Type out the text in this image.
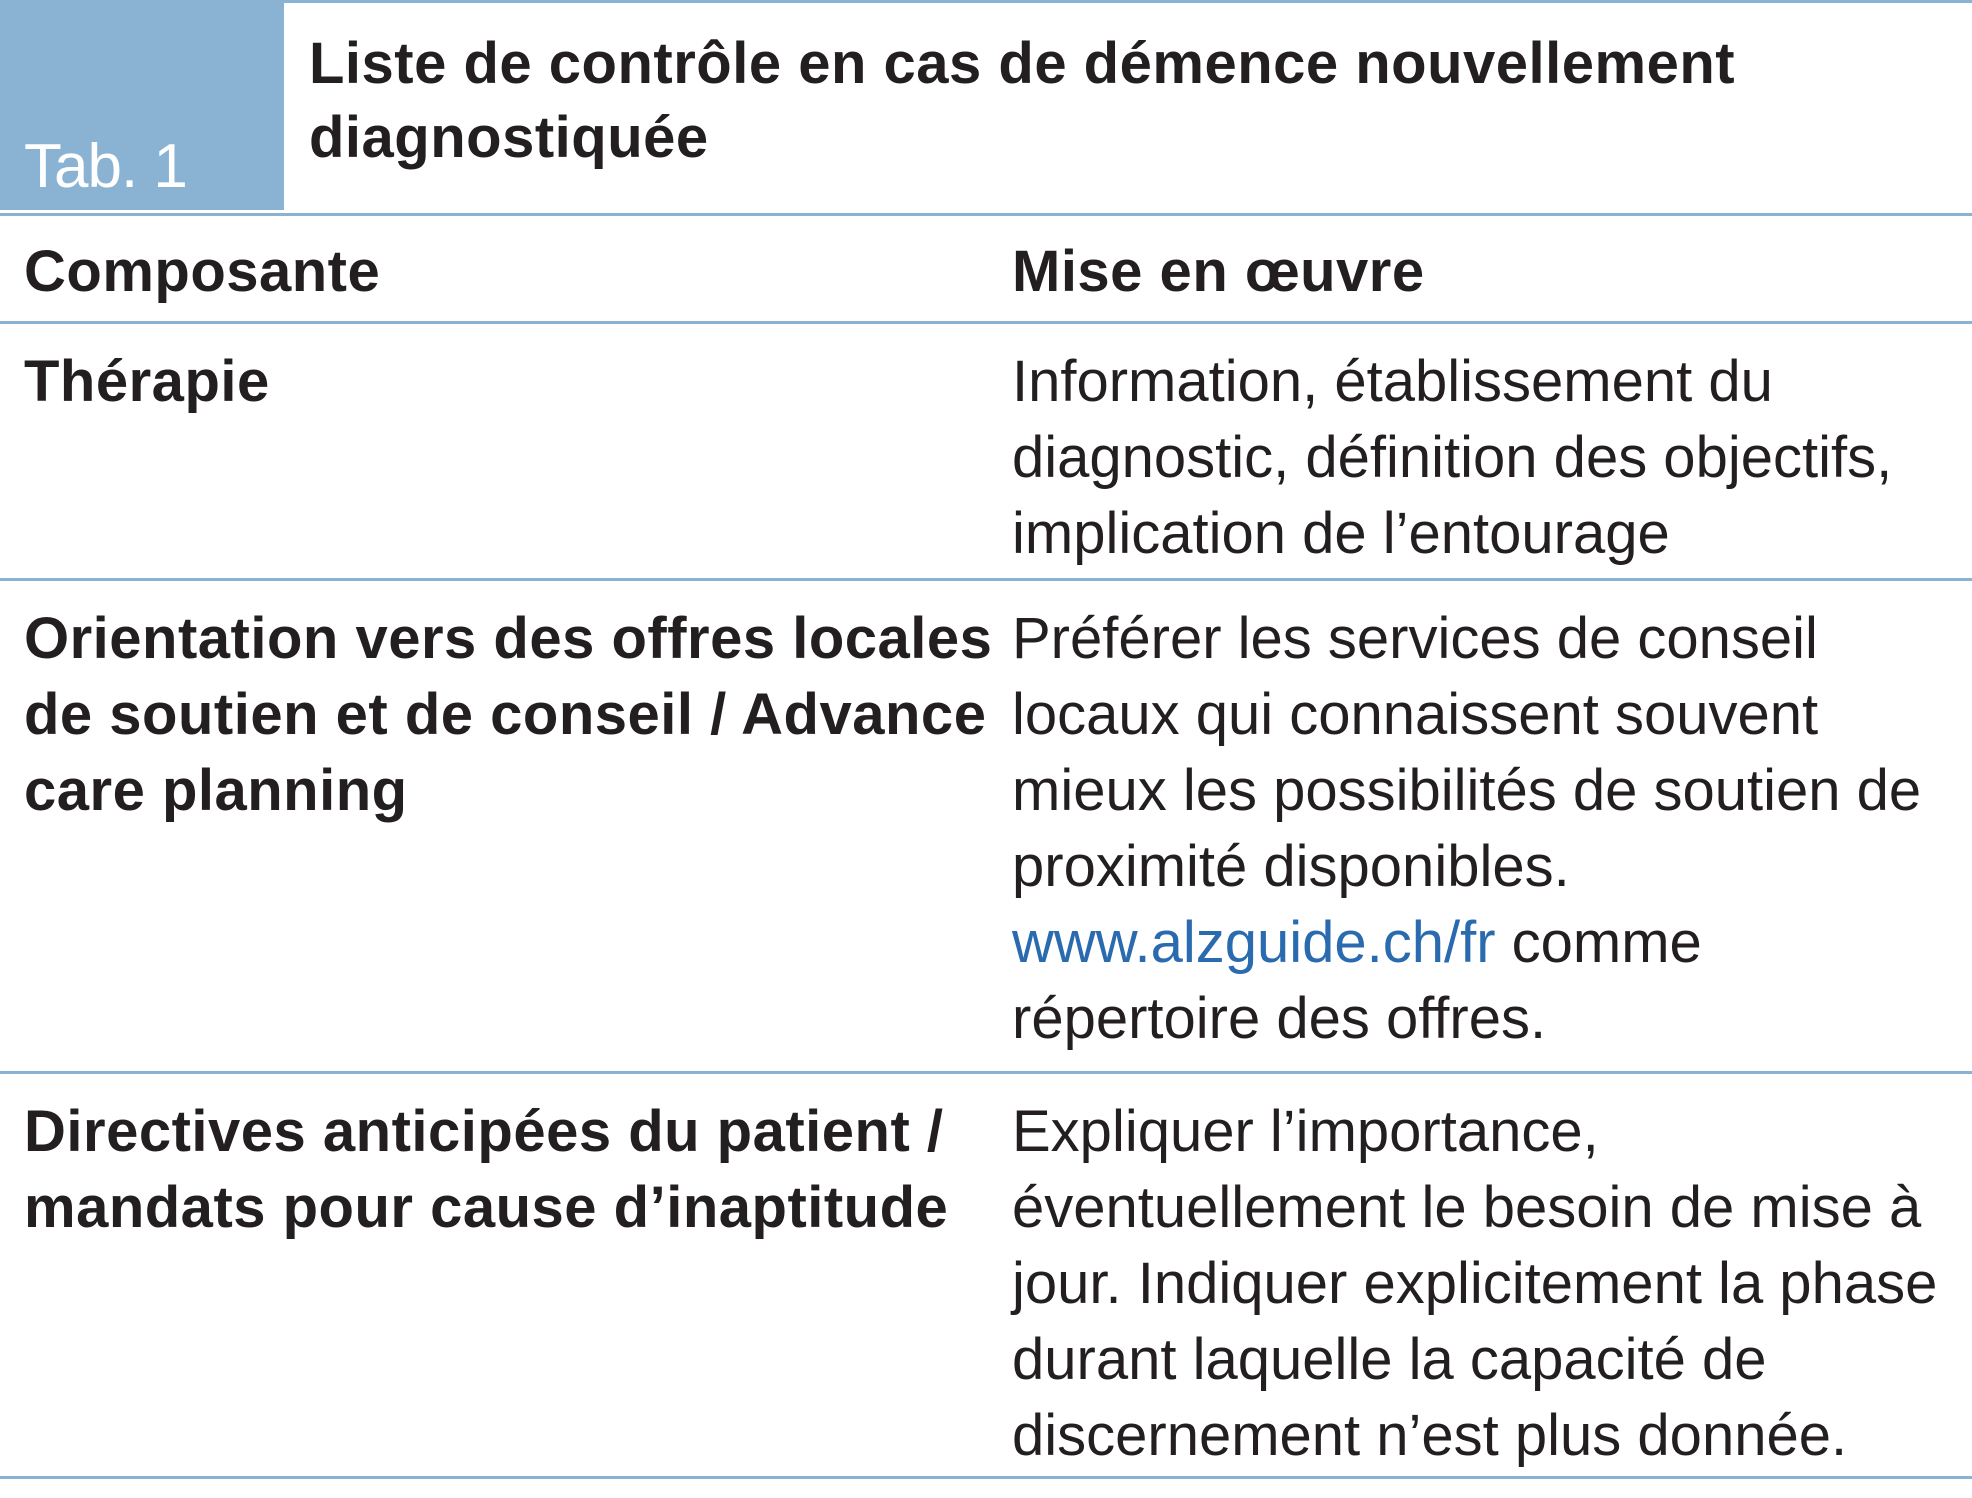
Tab. 1
Liste de contrôle en cas de démence nouvellement diagnostiquée
Composante	Mise en œuvre
Thérapie	Information, établissement du diagnostic, définition des objectifs, implication de l’entourage
Orientation vers des offres locales de soutien et de conseil / Advance care planning
Préférer les services de conseil locaux qui connaissent souvent mieux les possibilités de soutien de proximité disponibles. www.alzguide.ch/fr comme répertoire des offres.
Directives anticipées du patient / mandats pour cause d’inaptitude
Expliquer l’importance, éventuellement le besoin de mise à jour. Indiquer explicitement la phase durant laquelle la capacité de discernement n’est plus donnée.
